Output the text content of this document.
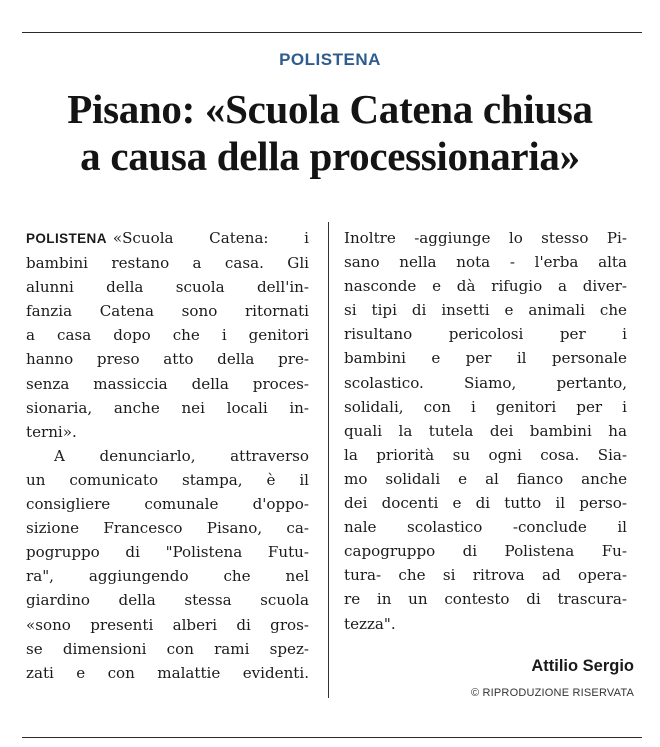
POLISTENA
Pisano: «Scuola Catena chiusa
a causa della processionaria»
POLISTENA «Scuola Catena: i
bambini restano a casa. Gli
alunni della scuola dell'in-
fanzia Catena sono ritornati
a casa dopo che i genitori
hanno preso atto della pre-
senza massiccia della proces-
sionaria, anche nei locali in-
terni».
A denunciarlo, attraverso
un comunicato stampa, è il
consigliere comunale d'oppo-
sizione Francesco Pisano, ca-
pogruppo di "Polistena Futu-
ra", aggiungendo che nel
giardino della stessa scuola
«sono presenti alberi di gros-
se dimensioni con rami spez-
zati e con malattie evidenti.
Inoltre -aggiunge lo stesso Pi-
sano nella nota - l'erba alta
nasconde e dà rifugio a diver-
si tipi di insetti e animali che
risultano pericolosi per i
bambini e per il personale
scolastico. Siamo, pertanto,
solidali, con i genitori per i
quali la tutela dei bambini ha
la priorità su ogni cosa. Sia-
mo solidali e al fianco anche
dei docenti e di tutto il perso-
nale scolastico -conclude il
capogruppo di Polistena Fu-
tura- che si ritrova ad opera-
re in un contesto di trascura-
tezza".
Attilio Sergio
© RIPRODUZIONE RISERVATA
